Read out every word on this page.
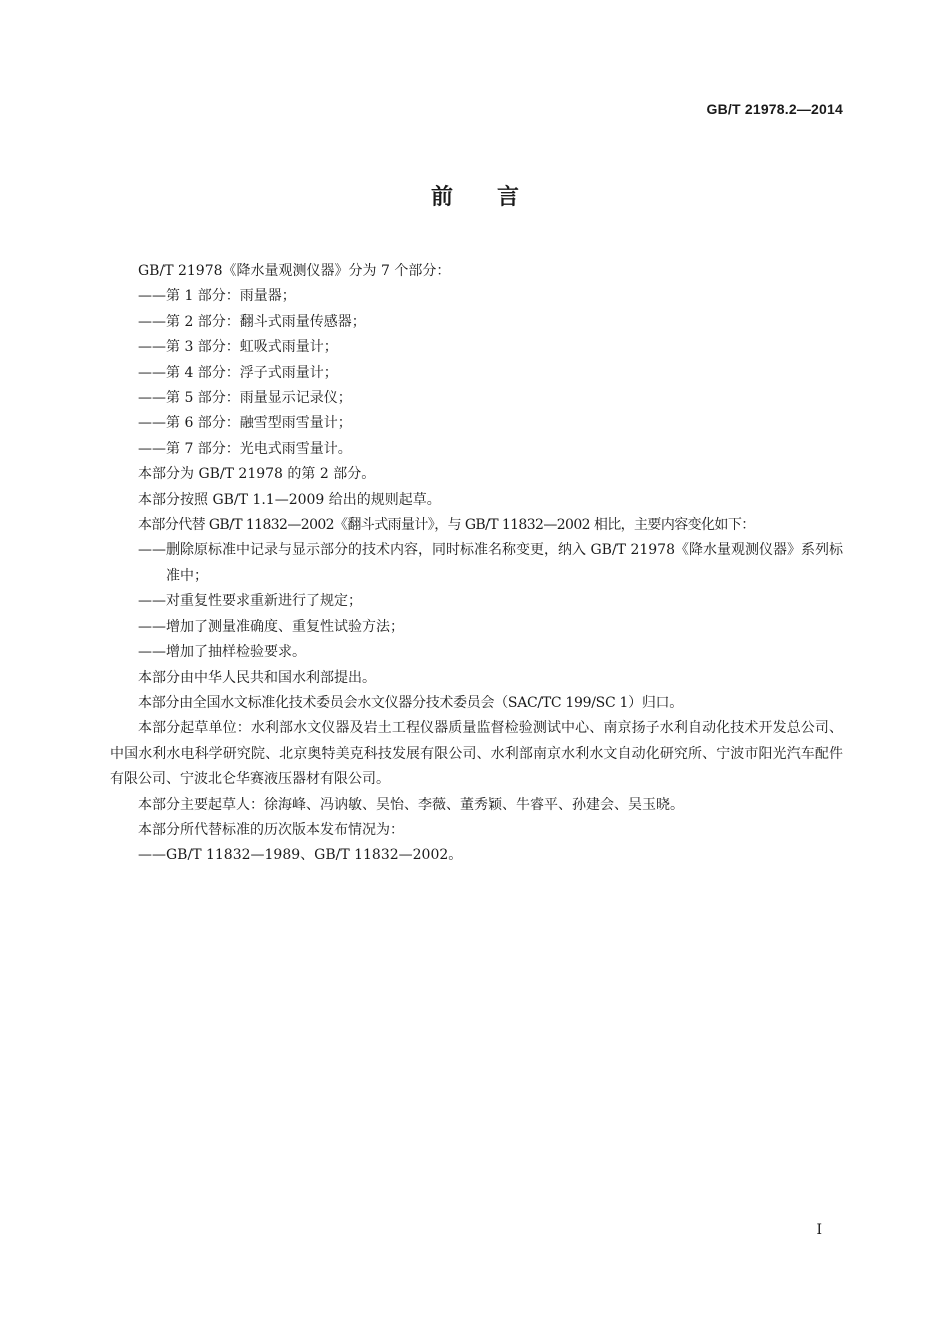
GB/T 21978.2—2014
前言
GB/T 21978《降水量观测仪器》分为 7 个部分：
——第 1 部分：雨量器；
——第 2 部分：翻斗式雨量传感器；
——第 3 部分：虹吸式雨量计；
——第 4 部分：浮子式雨量计；
——第 5 部分：雨量显示记录仪；
——第 6 部分：融雪型雨雪量计；
——第 7 部分：光电式雨雪量计。
本部分为 GB/T 21978 的第 2 部分。
本部分按照 GB/T 1.1—2009 给出的规则起草。
本部分代替 GB/T 11832—2002《翻斗式雨量计》，与 GB/T 11832—2002 相比，主要内容变化如下：
——删除原标准中记录与显示部分的技术内容，同时标准名称变更，纳入 GB/T 21978《降水量观测仪器》系列标准中；
——对重复性要求重新进行了规定；
——增加了测量准确度、重复性试验方法；
——增加了抽样检验要求。
本部分由中华人民共和国水利部提出。
本部分由全国水文标准化技术委员会水文仪器分技术委员会（SAC/TC 199/SC 1）归口。
本部分起草单位：水利部水文仪器及岩土工程仪器质量监督检验测试中心、南京扬子水利自动化技术开发总公司、中国水利水电科学研究院、北京奥特美克科技发展有限公司、水利部南京水利水文自动化研究所、宁波市阳光汽车配件有限公司、宁波北仑华赛液压器材有限公司。
本部分主要起草人：徐海峰、冯讷敏、吴怡、李薇、董秀颖、牛睿平、孙建会、吴玉晓。
本部分所代替标准的历次版本发布情况为：
——GB/T 11832—1989、GB/T 11832—2002。
I
